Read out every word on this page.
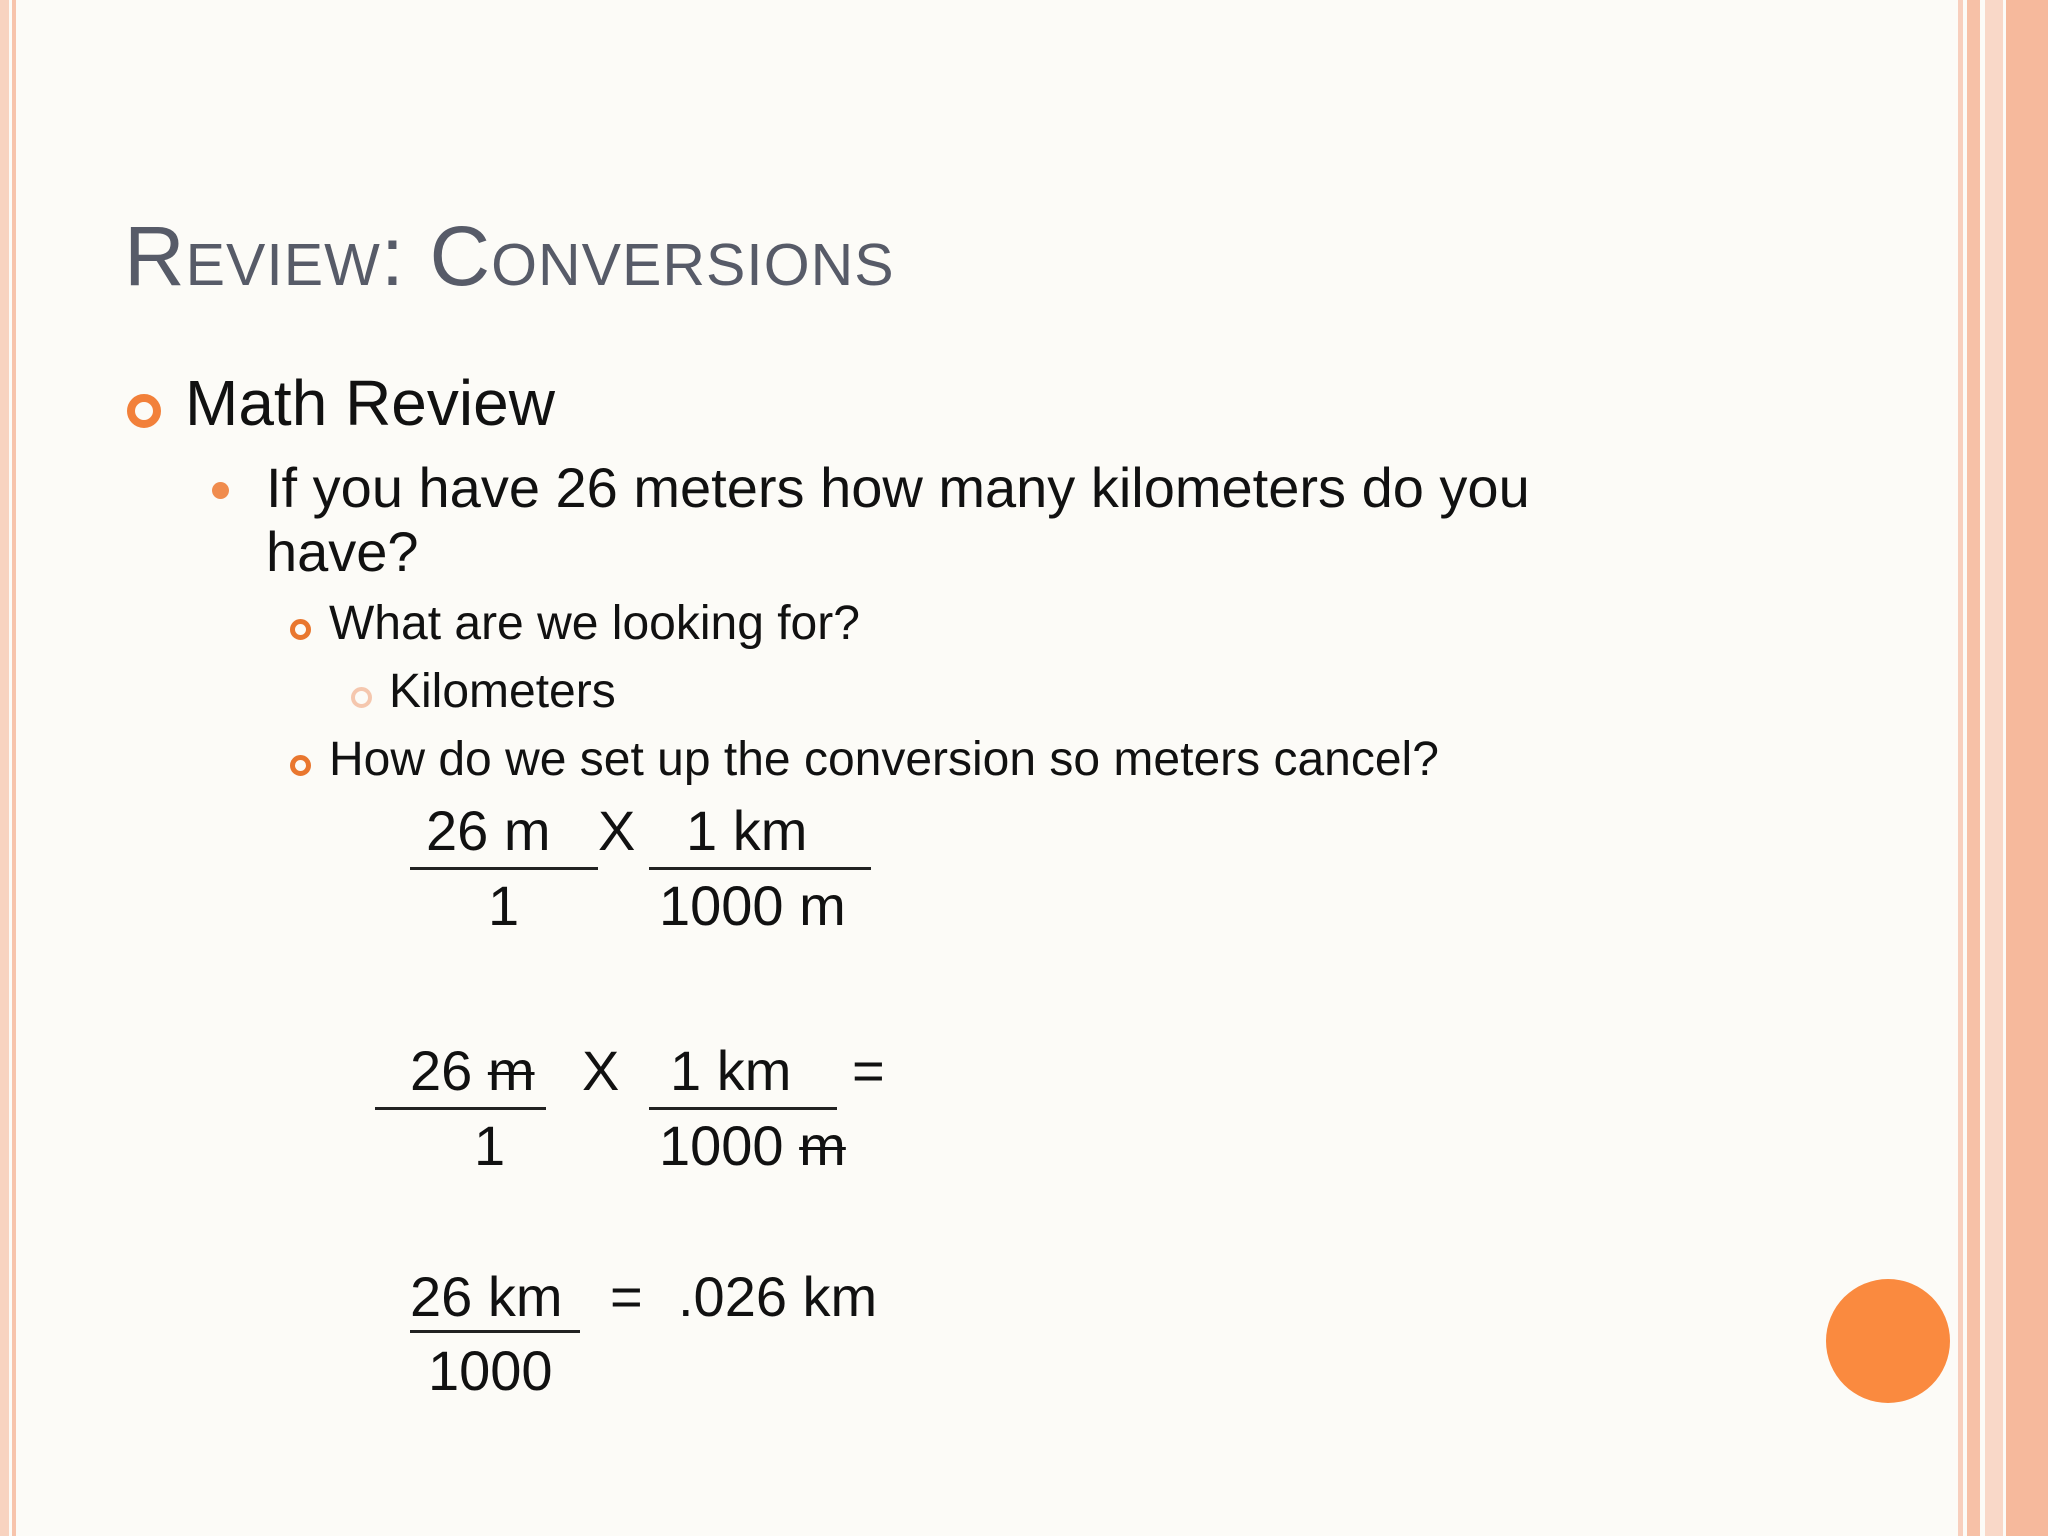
Review: Conversions
Math Review
If you have 26 meters how many kilometers do you
have?
What are we looking for?
Kilometers
How do we set up the conversion so meters cancel?
26 m X 1 km
1 1000 m
26 m X 1 km =
1	1000 m
26 km = .026 km
1000
